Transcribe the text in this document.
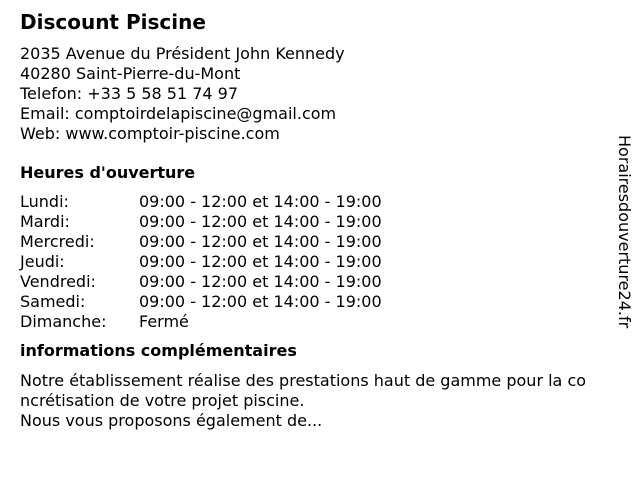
Discount Piscine
2035 Avenue du Président John Kennedy
40280 Saint-Pierre-du-Mont
Telefon: +33 5 58 51 74 97
Email: comptoirdelapiscine@gmail.com
Web: www.comptoir-piscine.com
Heures d'ouverture
Lundi:	09:00 - 12:00 et 14:00 - 19:00
Mardi:	09:00 - 12:00 et 14:00 - 19:00
Mercredi:	09:00 - 12:00 et 14:00 - 19:00
Jeudi:	09:00 - 12:00 et 14:00 - 19:00
Vendredi:	09:00 - 12:00 et 14:00 - 19:00
Samedi:	09:00 - 12:00 et 14:00 - 19:00
Dimanche:	Fermé
informations complémentaires
Notre établissement réalise des prestations haut de gamme pour la co
ncrétisation de votre projet piscine.
Nous vous proposons également de...
Horairesdouverture24.fr
